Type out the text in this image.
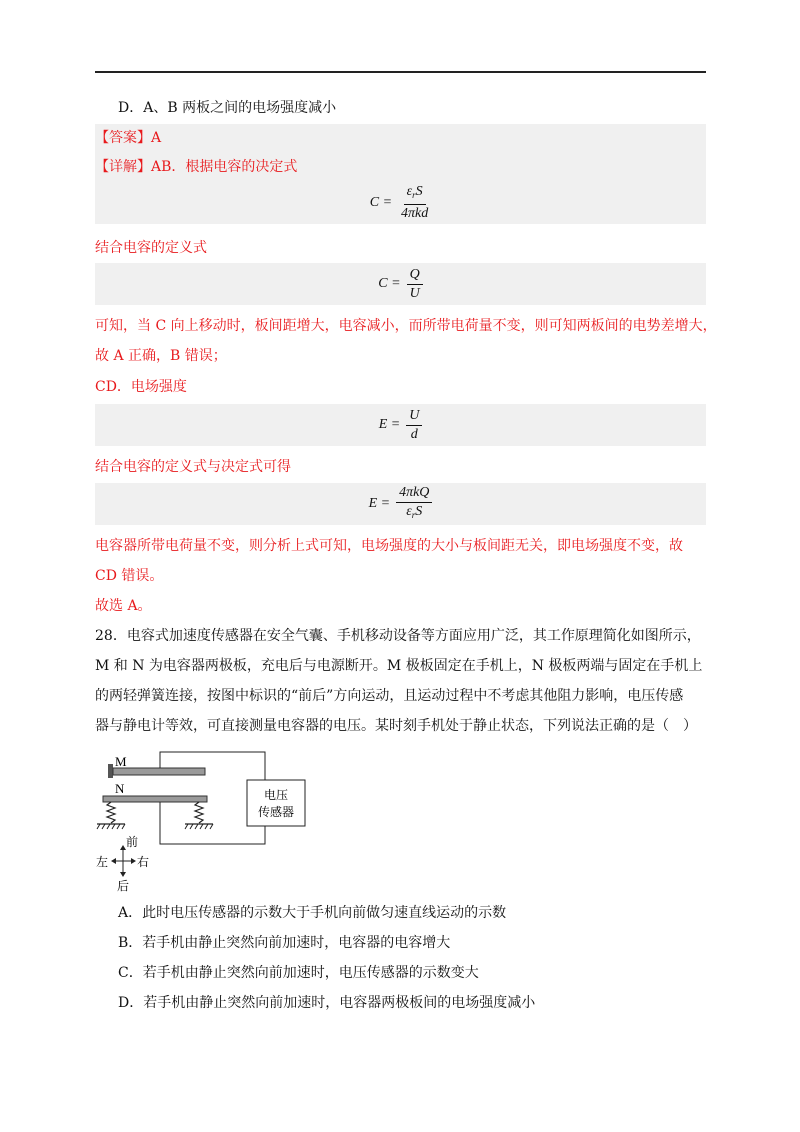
D．A、B 两板之间的电场强度减小
【答案】A
【详解】AB．根据电容的决定式
$C = \frac{\varepsilon_rS}{\text{4πkd}}$
结合电容的定义式
$C = \frac{Q}{U}$
可知，当 C 向上移动时，板间距增大，电容减小，而所带电荷量不变，则可知两板间的电势差增大，
故 A 正确，B 错误；
CD．电场强度
$E = \frac{U}{d}$
结合电容的定义式与决定式可得
$E = \frac{\text{4πkQ}}{\varepsilon_rS}$
电容器所带电荷量不变，则分析上式可知，电场强度的大小与板间距无关，即电场强度不变，故
CD 错误。
故选 A。
28．电容式加速度传感器在安全气囊、手机移动设备等方面应用广泛，其工作原理简化如图所示，
M 和 N 为电容器两极板，充电后与电源断开。M 极板固定在手机上，N 极板两端与固定在手机上
的两轻弹簧连接，按图中标识的“前后”方向运动，且运动过程中不考虑其他阻力影响，电压传感
器与静电计等效，可直接测量电容器的电压。某时刻手机处于静止状态，下列说法正确的是（　）
M
N	电压
传感器
前
后
左 右
A．此时电压传感器的示数大于手机向前做匀速直线运动的示数
B．若手机由静止突然向前加速时，电容器的电容增大
C．若手机由静止突然向前加速时，电压传感器的示数变大
D．若手机由静止突然向前加速时，电容器两极板间的电场强度减小
